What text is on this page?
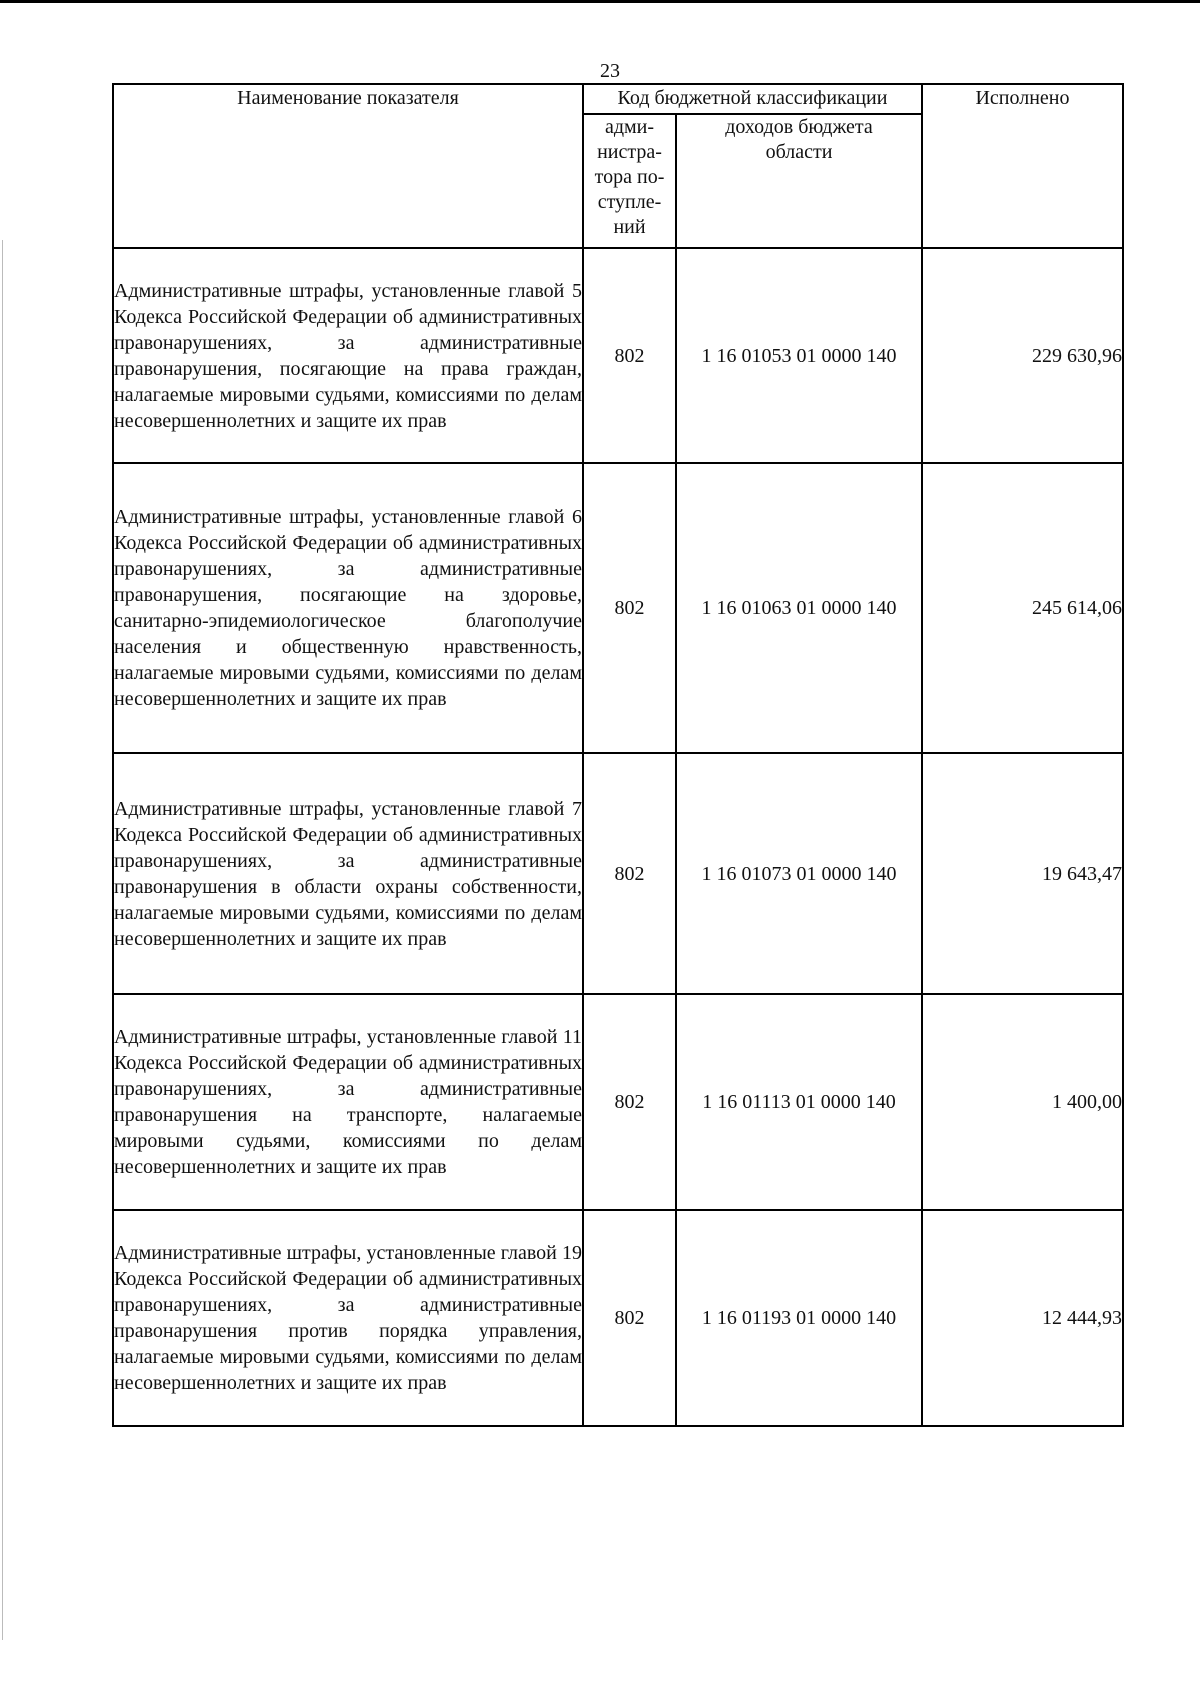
23
Наименование показателя	Код бюджетной классификации		Исполнено

	адми-
нистра-
тора по-
ступле-
ний	доходов бюджета
области	

Административные штрафы, установленные главой 5 Кодекса Российской Федерации об административных правонарушениях, за административные правонарушения, посягающие на права граждан, налагаемые мировыми судьями, комиссиями по делам несовершеннолетних и защите их прав	802	1 16 01053 01 0000 140	229 630,96
Административные штрафы, установленные главой 6 Кодекса Российской Федерации об административных правонарушениях, за административные правонарушения, посягающие на здоровье, санитарно-эпидемиологическое благополучие населения и общественную нравственность, налагаемые мировыми судьями, комиссиями по делам несовершеннолетних и защите их прав	802	1 16 01063 01 0000 140	245 614,06
Административные штрафы, установленные главой 7 Кодекса Российской Федерации об административных правонарушениях, за административные правонарушения в области охраны собственности, налагаемые мировыми судьями, комиссиями по делам несовершеннолетних и защите их прав	802	1 16 01073 01 0000 140	19 643,47
Административные штрафы, установленные главой 11 Кодекса Российской Федерации об административных правонарушениях, за административные правонарушения на транспорте, налагаемые мировыми судьями, комиссиями по делам несовершеннолетних и защите их прав	802	1 16 01113 01 0000 140	1 400,00
Административные штрафы, установленные главой 19 Кодекса Российской Федерации об административных правонарушениях, за административные правонарушения против порядка управления, налагаемые мировыми судьями, комиссиями по делам несовершеннолетних и защите их прав	802	1 16 01193 01 0000 140	12 444,93
